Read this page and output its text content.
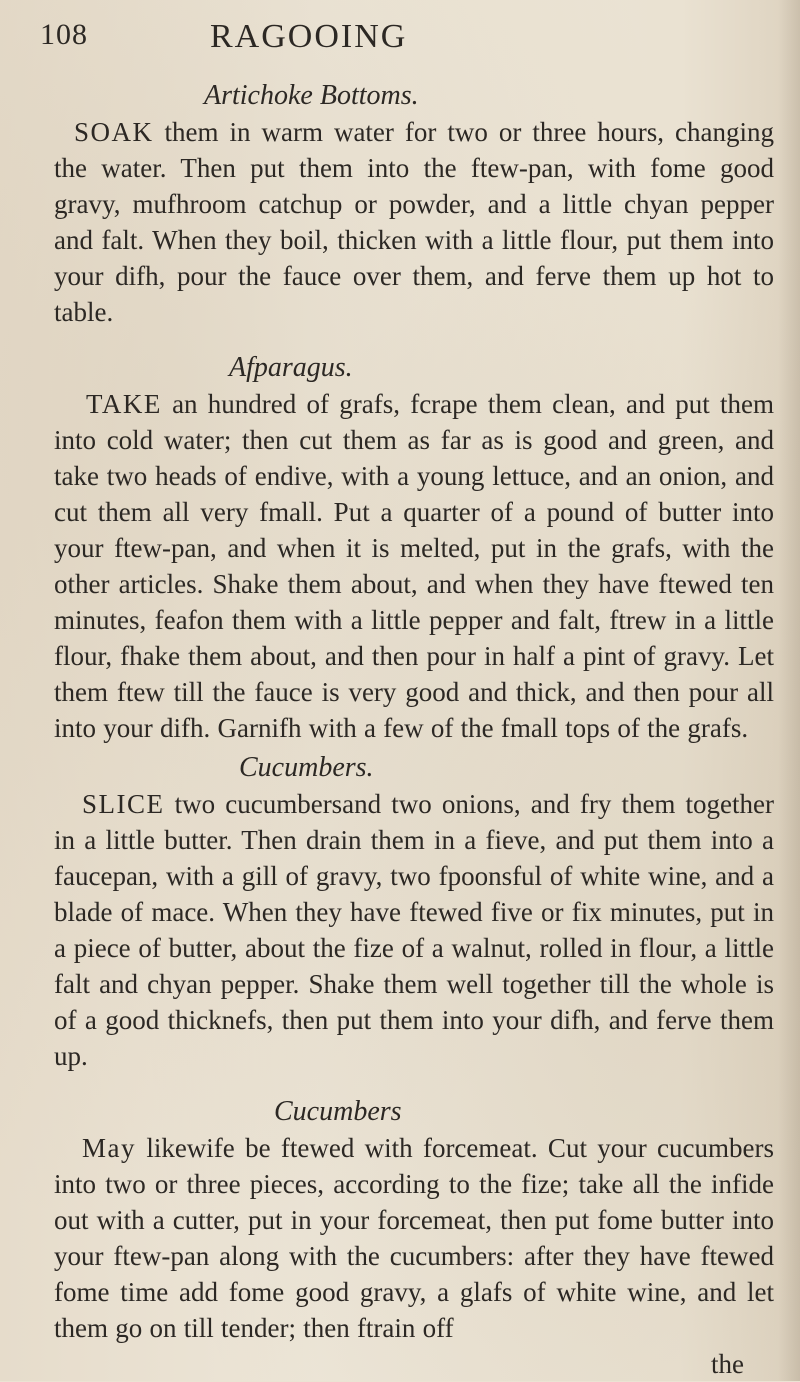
108	RAGOOING

Artichoke Bottoms.

SOAK them in warm water for two or three hours, changing the water. Then put them into the ftew-pan, with fome good gravy, mufhroom catchup or powder, and a little chyan pepper and falt. When they boil, thicken with a little flour, put them into your difh, pour the fauce over them, and ferve them up hot to table.

Afparagus.

TAKE an hundred of grafs, fcrape them clean, and put them into cold water; then cut them as far as is good and green, and take two heads of endive, with a young lettuce, and an onion, and cut them all very fmall. Put a quarter of a pound of butter into your ftew-pan, and when it is melted, put in the grafs, with the other articles. Shake them about, and when they have ftewed ten minutes, feafon them with a little pepper and falt, ftrew in a little flour, fhake them about, and then pour in half a pint of gravy. Let them ftew till the fauce is very good and thick, and then pour all into your difh. Garnifh with a few of the fmall tops of the grafs.

Cucumbers.

SLICE two cucumbersand two onions, and fry them together in a little butter. Then drain them in a fieve, and put them into a faucepan, with a gill of gravy, two fpoonsful of white wine, and a blade of mace. When they have ftewed five or fix minutes, put in a piece of butter, about the fize of a walnut, rolled in flour, a little falt and chyan pepper. Shake them well together till the whole is of a good thicknefs, then put them into your difh, and ferve them up.

Cucumbers

May likewife be ftewed with forcemeat. Cut your cucumbers into two or three pieces, according to the fize; take all the infide out with a cutter, put in your forcemeat, then put fome butter into your ftew-pan along with the cucumbers: after they have ftewed fome time add fome good gravy, a glafs of white wine, and let them go on till tender; then ftrain off

the
